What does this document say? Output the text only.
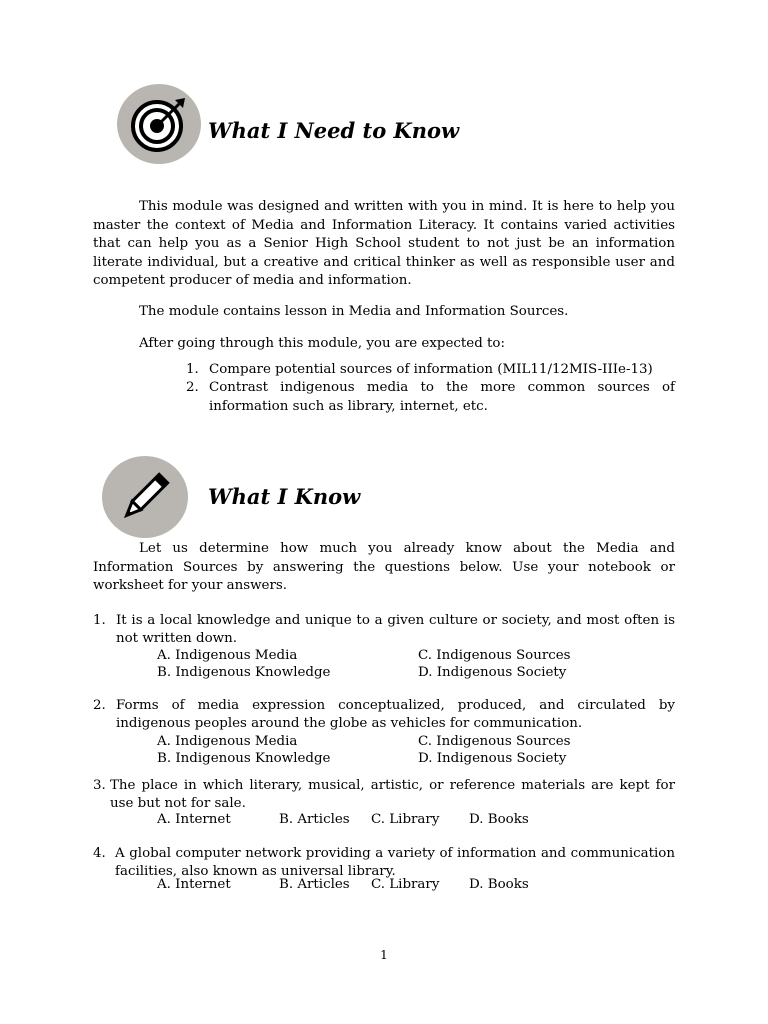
What I Need to Know

This module was designed and written with you in mind. It is here to help you master the context of Media and Information Literacy. It contains varied activities that can help you as a Senior High School student to not just be an information literate individual, but a creative and critical thinker as well as responsible user and competent producer of media and information.

The module contains lesson in Media and Information Sources.
After going through this module, you are expected to:
1. Compare potential sources of information (MIL11/12MIS-IIIe-13)
2. Contrast indigenous media to the more common sources of information such as library, internet, etc.
What I Know

Let us determine how much you already know about the Media and Information Sources by answering the questions below. Use your notebook or worksheet for your answers.

1. It is a local knowledge and unique to a given culture or society, and most often is not written down.
A. Indigenous Media	C. Indigenous Sources
B. Indigenous Knowledge	D. Indigenous Society
2. Forms of media expression conceptualized, produced, and circulated by indigenous peoples around the globe as vehicles for communication.
A. Indigenous Media	C. Indigenous Sources
B. Indigenous Knowledge	D. Indigenous Society
3. The place in which literary, musical, artistic, or reference materials are kept for use but not for sale.
A. Internet	B. Articles C. Library D. Books
4. A global computer network providing a variety of information and communication facilities, also known as universal library.
A. Internet	B. Articles C. Library D. Books
1
